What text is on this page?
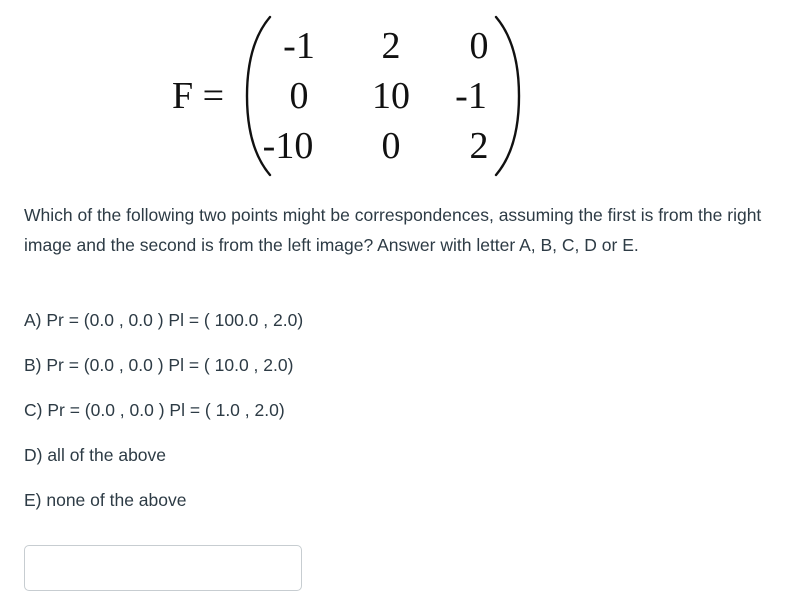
F =
-1	2	0
0	10 -1
-10	0	2
Which of the following two points might be correspondences, assuming the first is from the right image and the second is from the left image? Answer with letter A, B, C, D or E.
A) Pr = (0.0 , 0.0 ) Pl = ( 100.0 , 2.0)
B) Pr = (0.0 , 0.0 ) Pl = ( 10.0 , 2.0)
C) Pr = (0.0 , 0.0 ) Pl = ( 1.0 , 2.0)
D) all of the above
E) none of the above
